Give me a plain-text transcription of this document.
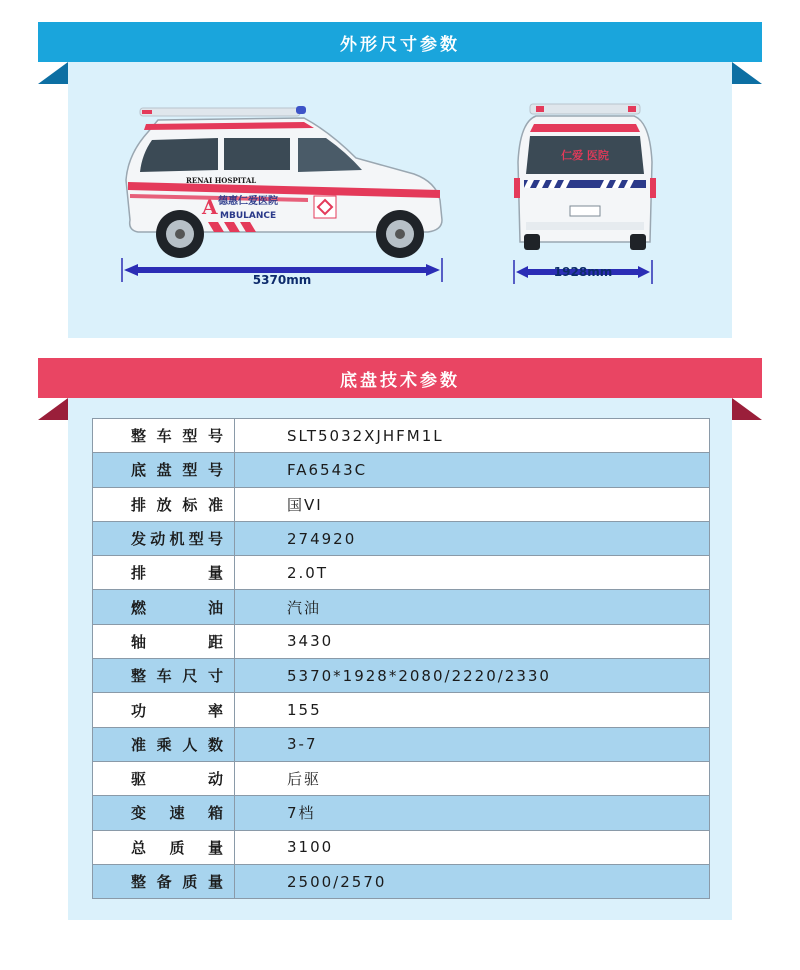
外形尺寸参数
RENAI HOSPITAL
A 德惠仁爱医院
MBULANCE
5370mm
仁爱 医院
1928mm
底盘技术参数
整车型号	SLT5032XJHFM1L
底盘型号	FA6543C
排放标准	国VI
发动机型号	274920
排量	2.0T
燃油	汽油
轴距	3430
整车尺寸	5370*1928*2080/2220/2330
功率	155
准乘人数	3-7
驱动	后驱
变速箱	7档
总质量	3100
整备质量	2500/2570
